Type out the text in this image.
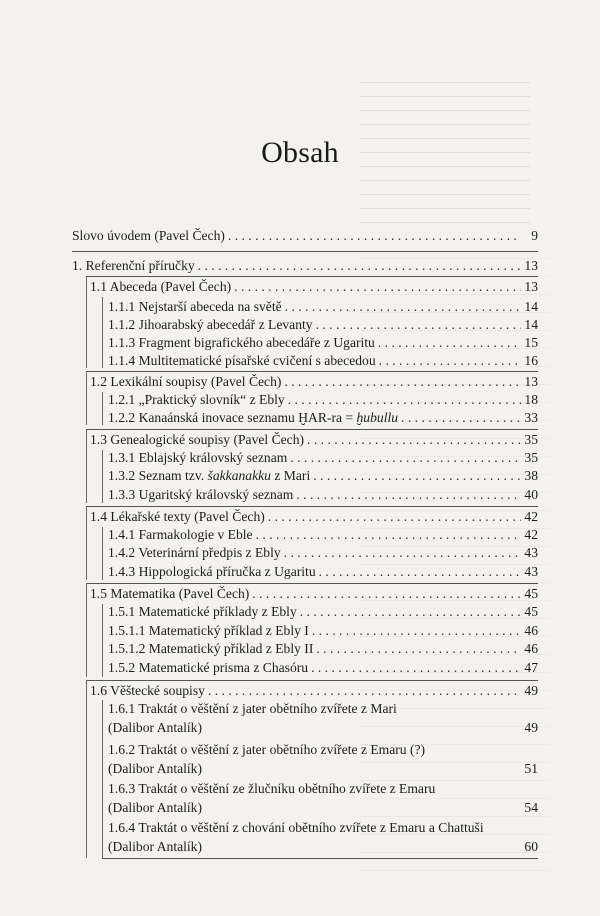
Obsah
Slovo úvodem (Pavel Čech) . . .	9
1. Referenční příručky . . .	13
1.1 Abeceda (Pavel Čech) . . .	13
1.1.1 Nejstarší abeceda na světě . . .	14
1.1.2 Jihoarabský abecedář z Levanty . . .	14
1.1.3 Fragment bigrafického abecedáře z Ugaritu . . .	15
1.1.4 Multitematické písařské cvičení s abecedou . . .	16
1.2 Lexikální soupisy (Pavel Čech) . . .	13
1.2.1 „Praktický slovník“ z Ebly . . .	18
1.2.2 Kanaánská inovace seznamu ḪAR-ra = ḫubullu . . .	33
1.3 Genealogické soupisy (Pavel Čech) . . .	35
1.3.1 Eblajský královský seznam . . .	35
1.3.2 Seznam tzv. šakkanakku z Mari . . .	38
1.3.3 Ugaritský královský seznam . . .	40
1.4 Lékařské texty (Pavel Čech) . . .	42
1.4.1 Farmakologie v Eble . . .	42
1.4.2 Veterinární předpis z Ebly . . .	43
1.4.3 Hippologická příručka z Ugaritu . . .	43
1.5 Matematika (Pavel Čech) . . .	45
1.5.1 Matematické příklady z Ebly . . .	45
1.5.1.1 Matematický příklad z Ebly I . . .	46
1.5.1.2 Matematický příklad z Ebly II . . .	46
1.5.2 Matematické prisma z Chasóru . . .	47
1.6 Věštecké soupisy . . .	49
1.6.1 Traktát o věštění z jater obětního zvířete z Mari
(Dalibor Antalík)	49
1.6.2 Traktát o věštění z jater obětního zvířete z Emaru (?)
(Dalibor Antalík)	51
1.6.3 Traktát o věštění ze žlučníku obětního zvířete z Emaru
(Dalibor Antalík)	54
1.6.4 Traktát o věštění z chování obětního zvířete z Emaru a Chattuši
(Dalibor Antalík)	60
